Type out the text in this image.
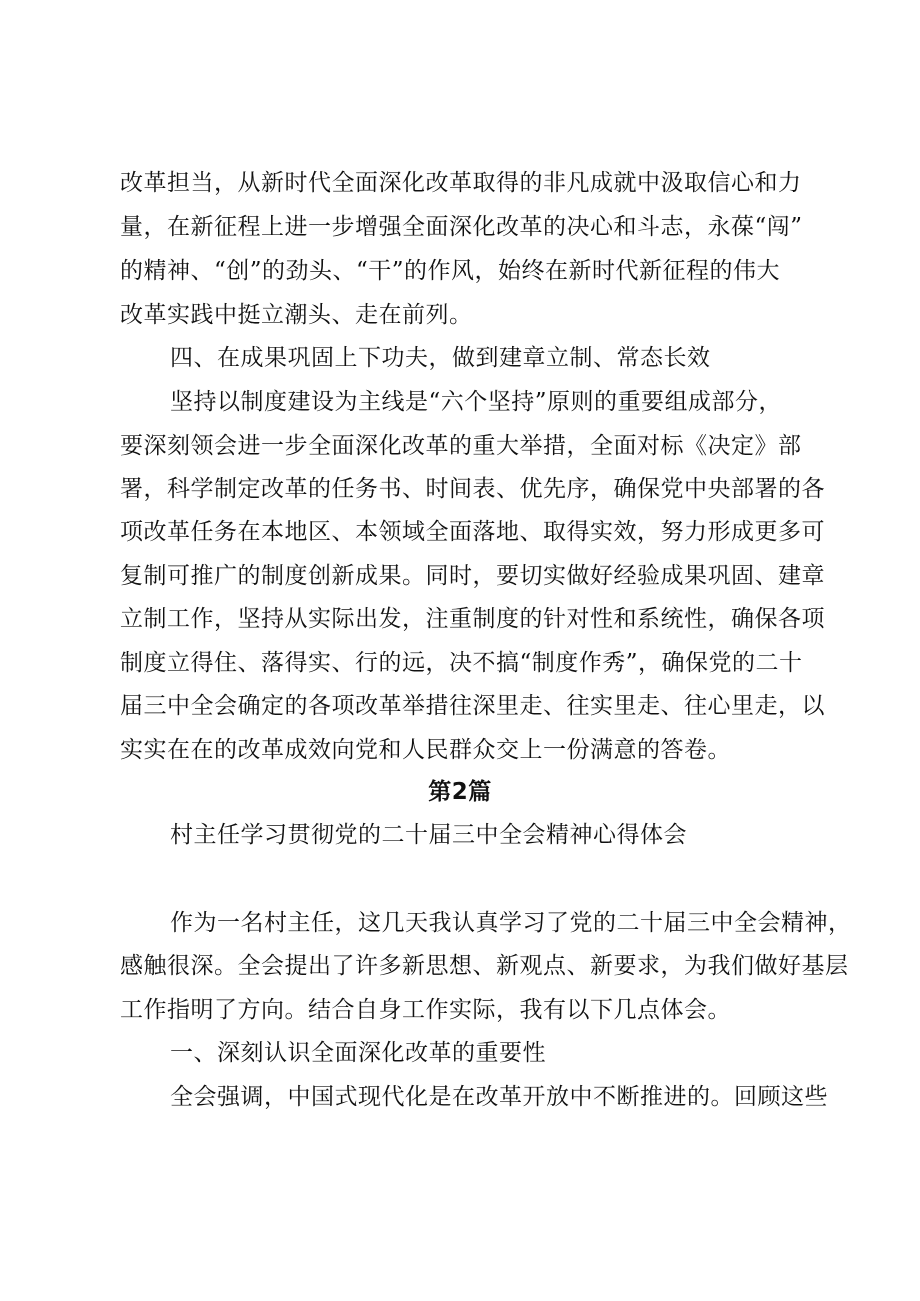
改革担当，从新时代全面深化改革取得的非凡成就中汲取信心和力
量，在新征程上进一步增强全面深化改革的决心和斗志，永葆“闯”
的精神、“创”的劲头、“干”的作风，始终在新时代新征程的伟大
改革实践中挺立潮头、走在前列。
四、在成果巩固上下功夫，做到建章立制、常态长效
坚持以制度建设为主线是“六个坚持”原则的重要组成部分，
要深刻领会进一步全面深化改革的重大举措，全面对标《决定》部
署，科学制定改革的任务书、时间表、优先序，确保党中央部署的各
项改革任务在本地区、本领域全面落地、取得实效，努力形成更多可
复制可推广的制度创新成果。同时，要切实做好经验成果巩固、建章
立制工作，坚持从实际出发，注重制度的针对性和系统性，确保各项
制度立得住、落得实、行的远，决不搞“制度作秀”，确保党的二十
届三中全会确定的各项改革举措往深里走、往实里走、往心里走，以
实实在在的改革成效向党和人民群众交上一份满意的答卷。
第2篇
村主任学习贯彻党的二十届三中全会精神心得体会
作为一名村主任，这几天我认真学习了党的二十届三中全会精神，
感触很深。全会提出了许多新思想、新观点、新要求，为我们做好基层
工作指明了方向。结合自身工作实际，我有以下几点体会。
一、深刻认识全面深化改革的重要性
全会强调，中国式现代化是在改革开放中不断推进的。回顾这些
